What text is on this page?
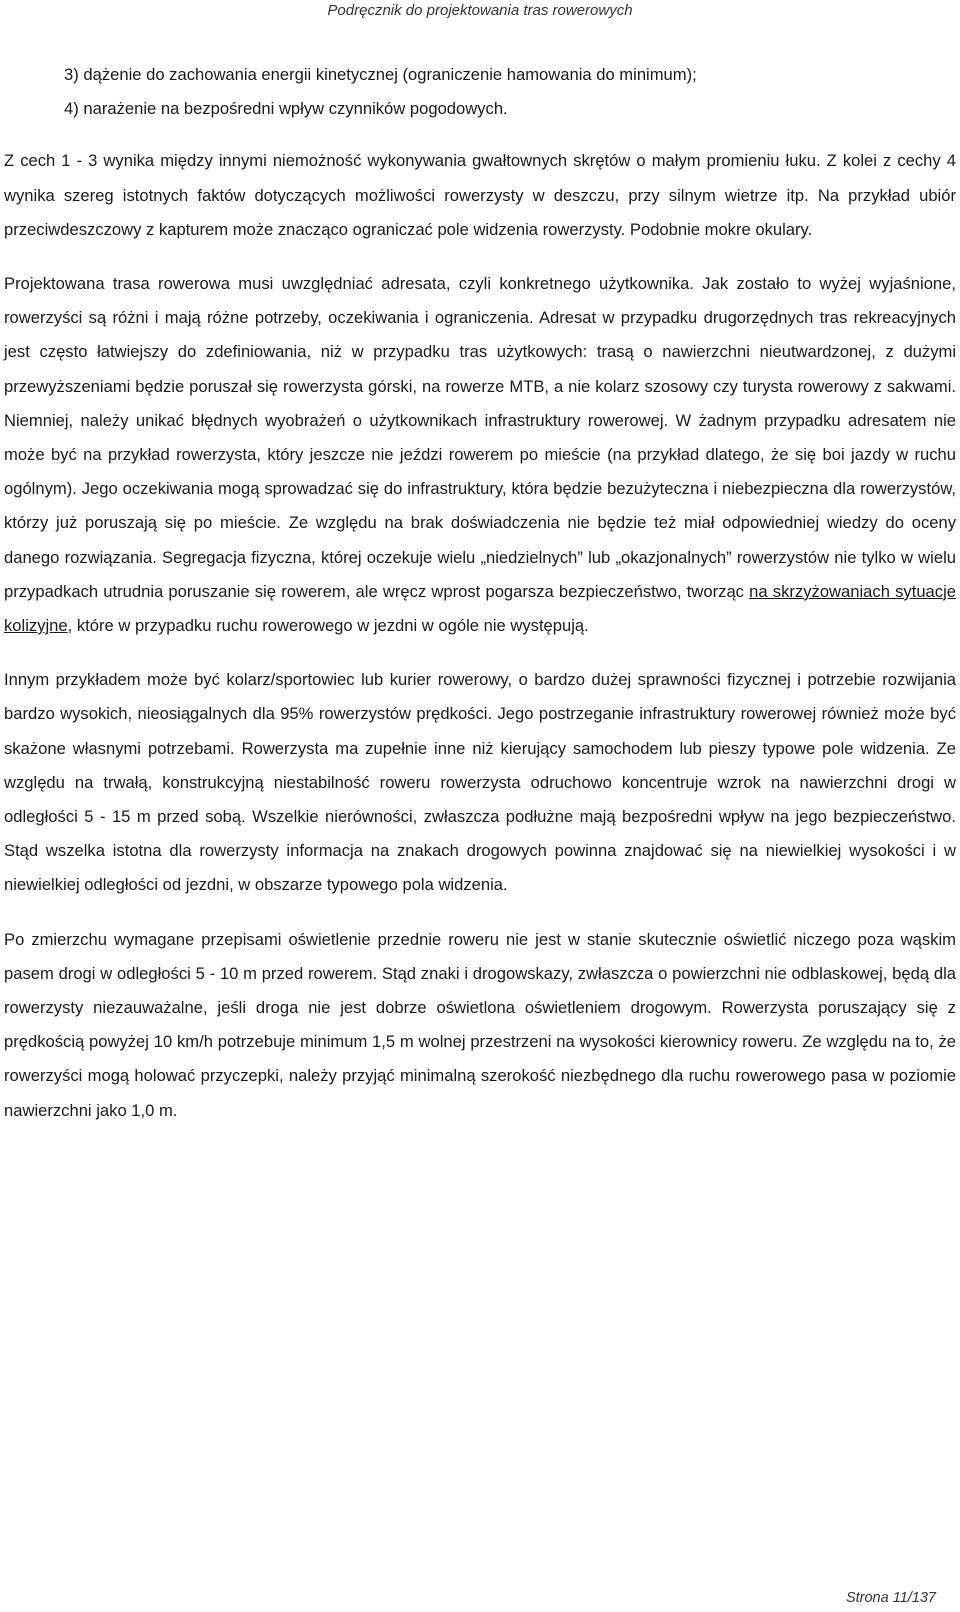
Podręcznik do projektowania tras rowerowych
3) dążenie do zachowania energii kinetycznej (ograniczenie hamowania do minimum);
4) narażenie na bezpośredni wpływ czynników pogodowych.

Z cech 1 - 3 wynika między innymi niemożność wykonywania gwałtownych skrętów o małym promieniu łuku. Z kolei z cechy 4 wynika szereg istotnych faktów dotyczących możliwości rowerzysty w deszczu, przy silnym wietrze itp. Na przykład ubiór przeciwdeszczowy z kapturem może znacząco ograniczać pole widzenia rowerzysty. Podobnie mokre okulary.

Projektowana trasa rowerowa musi uwzględniać adresata, czyli konkretnego użytkownika. Jak zostało to wyżej wyjaśnione, rowerzyści są różni i mają różne potrzeby, oczekiwania i ograniczenia. Adresat w przypadku drugorzędnych tras rekreacyjnych jest często łatwiejszy do zdefiniowania, niż w przypadku tras użytkowych: trasą o nawierzchni nieutwardzonej, z dużymi przewyższeniami będzie poruszał się rowerzysta górski, na rowerze MTB, a nie kolarz szosowy czy turysta rowerowy z sakwami. Niemniej, należy unikać błędnych wyobrażeń o użytkownikach infrastruktury rowerowej. W żadnym przypadku adresatem nie może być na przykład rowerzysta, który jeszcze nie jeździ rowerem po mieście (na przykład dlatego, że się boi jazdy w ruchu ogólnym). Jego oczekiwania mogą sprowadzać się do infrastruktury, która będzie bezużyteczna i niebezpieczna dla rowerzystów, którzy już poruszają się po mieście. Ze względu na brak doświadczenia nie będzie też miał odpowiedniej wiedzy do oceny danego rozwiązania. Segregacja fizyczna, której oczekuje wielu „niedzielnych” lub „okazjonalnych” rowerzystów nie tylko w wielu przypadkach utrudnia poruszanie się rowerem, ale wręcz wprost pogarsza bezpieczeństwo, tworząc na skrzyżowaniach sytuacje kolizyjne, które w przypadku ruchu rowerowego w jezdni w ogóle nie występują.

Innym przykładem może być kolarz/sportowiec lub kurier rowerowy, o bardzo dużej sprawności fizycznej i potrzebie rozwijania bardzo wysokich, nieosiągalnych dla 95% rowerzystów prędkości. Jego postrzeganie infrastruktury rowerowej również może być skażone własnymi potrzebami. Rowerzysta ma zupełnie inne niż kierujący samochodem lub pieszy typowe pole widzenia. Ze względu na trwałą, konstrukcyjną niestabilność roweru rowerzysta odruchowo koncentruje wzrok na nawierzchni drogi w odległości 5 - 15 m przed sobą. Wszelkie nierówności, zwłaszcza podłużne mają bezpośredni wpływ na jego bezpieczeństwo. Stąd wszelka istotna dla rowerzysty informacja na znakach drogowych powinna znajdować się na niewielkiej wysokości i w niewielkiej odległości od jezdni, w obszarze typowego pola widzenia.

Po zmierzchu wymagane przepisami oświetlenie przednie roweru nie jest w stanie skutecznie oświetlić niczego poza wąskim pasem drogi w odległości 5 - 10 m przed rowerem. Stąd znaki i drogowskazy, zwłaszcza o powierzchni nie odblaskowej, będą dla rowerzysty niezauważalne, jeśli droga nie jest dobrze oświetlona oświetleniem drogowym. Rowerzysta poruszający się z prędkością powyżej 10 km/h potrzebuje minimum 1,5 m wolnej przestrzeni na wysokości kierownicy roweru. Ze względu na to, że rowerzyści mogą holować przyczepki, należy przyjąć minimalną szerokość niezbędnego dla ruchu rowerowego pasa w poziomie nawierzchni jako 1,0 m.

Strona 11/137
